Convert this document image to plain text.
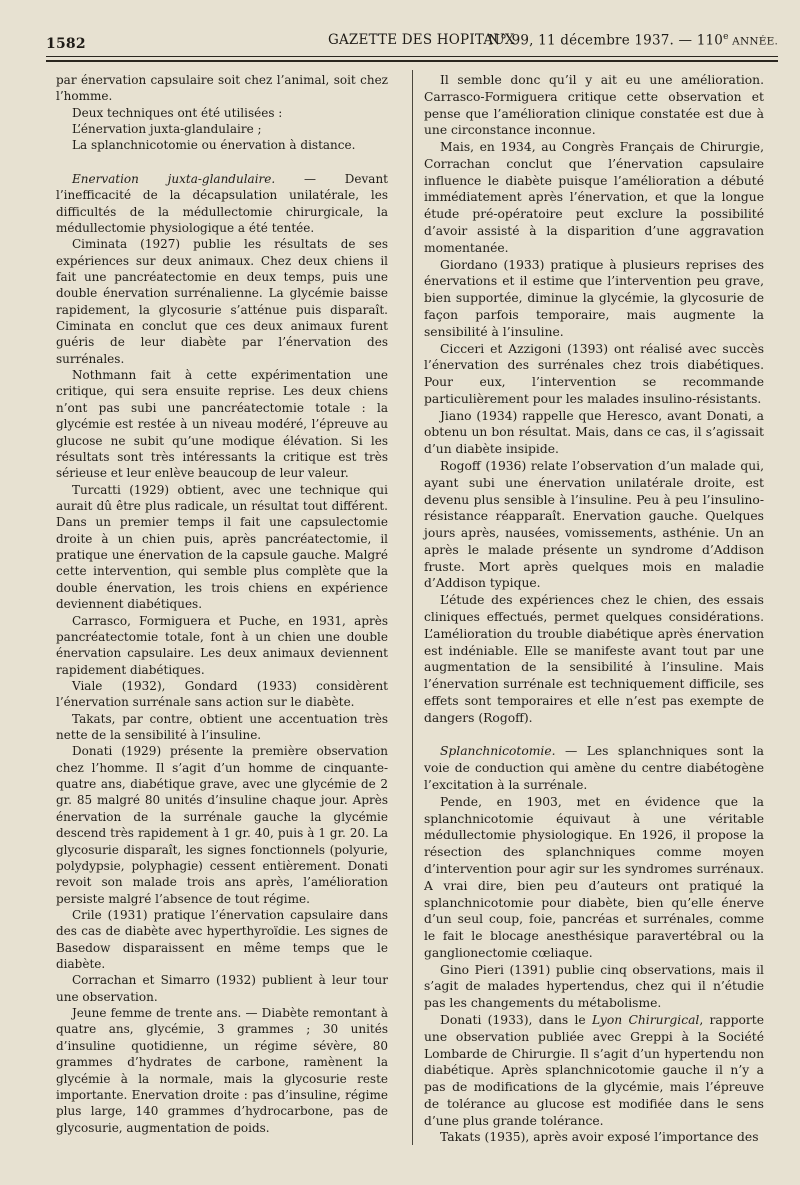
1582	GAZETTE DES HOPITAUX
N° 99, 11 décembre 1937. — 110e ANNÉE.

par énervation capsulaire soit chez l’animal, soit chez l’homme.

Deux techniques ont été utilisées :

L’énervation juxta-glandulaire ;

La splanchnicotomie ou énervation à distance.

Enervation juxta-glandulaire. — Devant l’inefficacité de la décapsulation unilatérale, les difficultés de la médullectomie chirurgicale, la médullectomie physiologique a été tentée.

Ciminata (1927) publie les résultats de ses expériences sur deux animaux. Chez deux chiens il fait une pancréatectomie en deux temps, puis une double énervation surrénalienne. La glycémie baisse rapidement, la glycosurie s’atténue puis disparaît. Ciminata en conclut que ces deux animaux furent guéris de leur diabète par l’énervation des surrénales.

Nothmann fait à cette expérimentation une critique, qui sera ensuite reprise. Les deux chiens n’ont pas subi une pancréatectomie totale : la glycémie est restée à un niveau modéré, l’épreuve au glucose ne subit qu’une modique élévation. Si les résultats sont très intéressants la critique est très sérieuse et leur enlève beaucoup de leur valeur.

Turcatti (1929) obtient, avec une technique qui aurait dû être plus radicale, un résultat tout différent. Dans un premier temps il fait une capsulectomie droite à un chien puis, après pancréatectomie, il pratique une énervation de la capsule gauche. Malgré cette intervention, qui semble plus complète que la double énervation, les trois chiens en expérience deviennent diabétiques.

Carrasco, Formiguera et Puche, en 1931, après pancréatectomie totale, font à un chien une double énervation capsulaire. Les deux animaux deviennent rapidement diabétiques.

Viale (1932), Gondard (1933) considèrent l’énervation surrénale sans action sur le diabète.

Takats, par contre, obtient une accentuation très nette de la sensibilité à l’insuline.

Donati (1929) présente la première observation chez l’homme. Il s’agit d’un homme de cinquante-quatre ans, diabétique grave, avec une glycémie de 2 gr. 85 malgré 80 unités d’insuline chaque jour. Après énervation de la surrénale gauche la glycémie descend très rapidement à 1 gr. 40, puis à 1 gr. 20. La glycosurie disparaît, les signes fonctionnels (polyurie, polydypsie, polyphagie) cessent entièrement. Donati revoit son malade trois ans après, l’amélioration persiste malgré l’absence de tout régime.

Crile (1931) pratique l’énervation capsulaire dans des cas de diabète avec hyperthyroïdie. Les signes de Basedow disparaissent en même temps que le diabète.

Corrachan et Simarro (1932) publient à leur tour une observation.

Jeune femme de trente ans. — Diabète remontant à quatre ans, glycémie, 3 grammes ; 30 unités d’insuline quotidienne, un régime sévère, 80 grammes d’hydrates de carbone, ramènent la glycémie à la normale, mais la glycosurie reste importante. Enervation droite : pas d’insuline, régime plus large, 140 grammes d’hydrocarbone, pas de glycosurie, augmentation de poids.

Il semble donc qu’il y ait eu une amélioration. Carrasco-Formiguera critique cette observation et pense que l’amélioration clinique constatée est due à une circonstance inconnue.

Mais, en 1934, au Congrès Français de Chirurgie, Corrachan conclut que l’énervation capsulaire influence le diabète puisque l’amélioration a débuté immédiatement après l’énervation, et que la longue étude pré-opératoire peut exclure la possibilité d’avoir assisté à la disparition d’une aggravation momentanée.

Giordano (1933) pratique à plusieurs reprises des énervations et il estime que l’intervention peu grave, bien supportée, diminue la glycémie, la glycosurie de façon parfois temporaire, mais augmente la sensibilité à l’insuline.

Cicceri et Azzigoni (1393) ont réalisé avec succès l’énervation des surrénales chez trois diabétiques. Pour eux, l’intervention se recommande particulièrement pour les malades insulino-résistants.

Jiano (1934) rappelle que Heresco, avant Donati, a obtenu un bon résultat. Mais, dans ce cas, il s’agissait d’un diabète insipide.

Rogoff (1936) relate l’observation d’un malade qui, ayant subi une énervation unilatérale droite, est devenu plus sensible à l’insuline. Peu à peu l’insulino-résistance réapparaît. Enervation gauche. Quelques jours après, nausées, vomissements, asthénie. Un an après le malade présente un syndrome d’Addison fruste. Mort après quelques mois en maladie d’Addison typique.

L’étude des expériences chez le chien, des essais cliniques effectués, permet quelques considérations. L’amélioration du trouble diabétique après énervation est indéniable. Elle se manifeste avant tout par une augmentation de la sensibilité à l’insuline. Mais l’énervation surrénale est techniquement difficile, ses effets sont temporaires et elle n’est pas exempte de dangers (Rogoff).

Splanchnicotomie. — Les splanchniques sont la voie de conduction qui amène du centre diabétogène l’excitation à la surrénale.

Pende, en 1903, met en évidence que la splanchnicotomie équivaut à une véritable médullectomie physiologique. En 1926, il propose la résection des splanchniques comme moyen d’intervention pour agir sur les syndromes surrénaux. A vrai dire, bien peu d’auteurs ont pratiqué la splanchnicotomie pour diabète, bien qu’elle énerve d’un seul coup, foie, pancréas et surrénales, comme le fait le blocage anesthésique paravertébral ou la ganglionectomie cœliaque.

Gino Pieri (1391) publie cinq observations, mais il s’agit de malades hypertendus, chez qui il n’étudie pas les changements du métabolisme.

Donati (1933), dans le Lyon Chirurgical, rapporte une observation publiée avec Greppi à la Société Lombarde de Chirurgie. Il s’agit d’un hypertendu non diabétique. Après splanchnicotomie gauche il n’y a pas de modifications de la glycémie, mais l’épreuve de tolérance au glucose est modifiée dans le sens d’une plus grande tolérance.

Takats (1935), après avoir exposé l’importance des
